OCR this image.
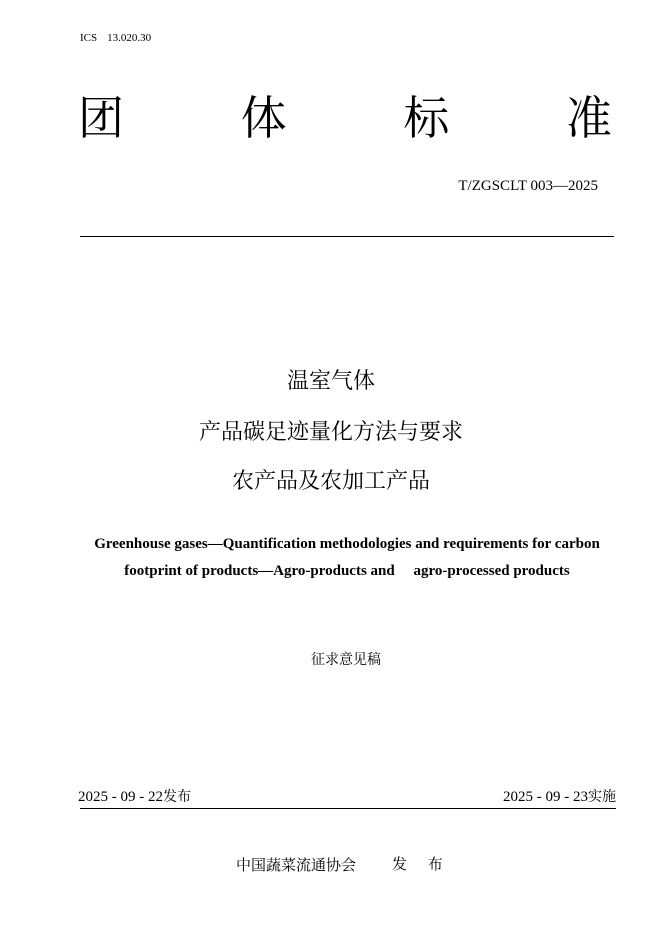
ICS 13.020.30
团	体	标	准
T/ZGSCLT 003—2025
温室气体
产品碳足迹量化方法与要求
农产品及农加工产品
Greenhouse gases—Quantification methodologies and requirements for carbon
footprint of products—Agro-products and     agro-processed products
征求意见稿
2025 - 09 - 22发布	2025 - 09 - 23实施
中国蔬菜流通协会 发 布
